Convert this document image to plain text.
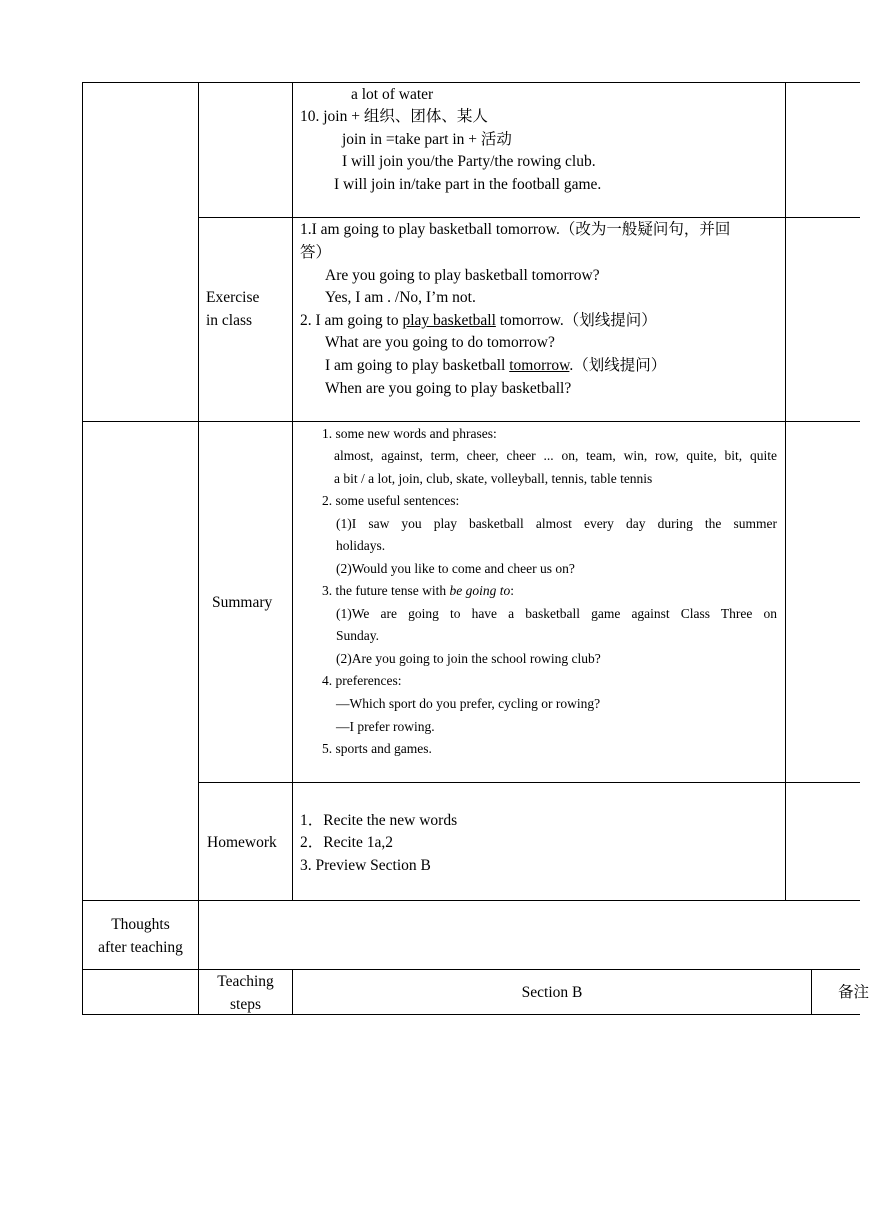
a lot of water
10. join + 组织、团体、某人
join in =take part in + 活动
I will join you/the Party/the rowing club.
I will join in/take part in the football game.
Exercise
in class
1.I am going to play basketball tomorrow.（改为一般疑问句，并回
答）
Are you going to play basketball tomorrow?
Yes, I am . /No, I’m not.
2. I am going to play basketball tomorrow.（划线提问）
What are you going to do tomorrow?
I am going to play basketball tomorrow.（划线提问）
When are you going to play basketball?
Summary
1. some new words and phrases:
almost, against, term, cheer, cheer ... on, team, win, row, quite, bit, quite
a bit / a lot, join, club, skate, volleyball, tennis, table tennis
2. some useful sentences:
(1)I saw you play basketball almost every day during the summer
holidays.
(2)Would you like to come and cheer us on?
3. the future tense with be going to:
(1)We are going to have a basketball game against Class Three on
Sunday.
(2)Are you going to join the school rowing club?
4. preferences:
—Which sport do you prefer, cycling or rowing?
—I prefer rowing.
5. sports and games.
Homework
1．Recite the new words
2．Recite 1a,2
3. Preview Section B
Thoughts
after teaching
Teaching
steps
Section B	备注
